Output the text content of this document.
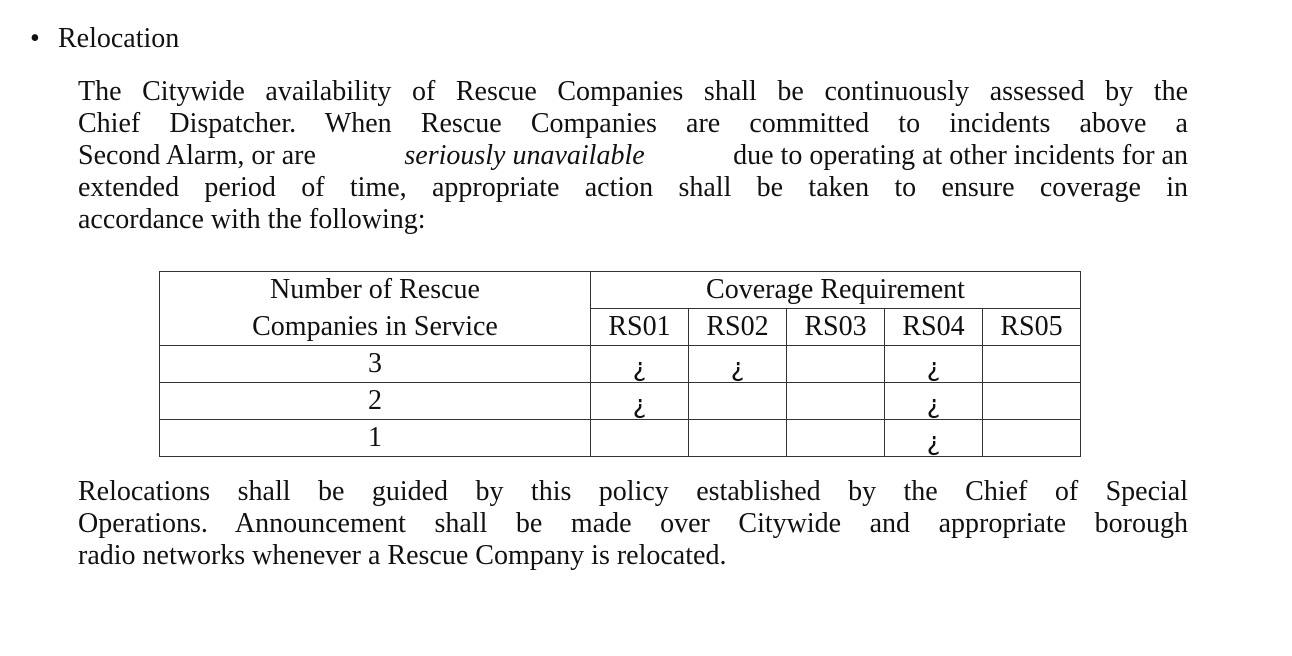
• Relocation
The Citywide availability of Rescue Companies shall be continuously assessed by the
Chief Dispatcher. When Rescue Companies are committed to incidents above a
Second Alarm, or are	seriously unavailable	due to operating at other incidents for an
extended period of time, appropriate action shall be taken to ensure coverage in
accordance with the following:
Number of Rescue	Coverage Requirement				
Companies in Service	RS01	RS02	RS03	RS04	RS05
3	¿	¿		¿	
2	¿			¿	
1				¿	
Relocations shall be guided by this policy established by the Chief of Special
Operations. Announcement shall be made over Citywide and appropriate borough
radio networks whenever a Rescue Company is relocated.
